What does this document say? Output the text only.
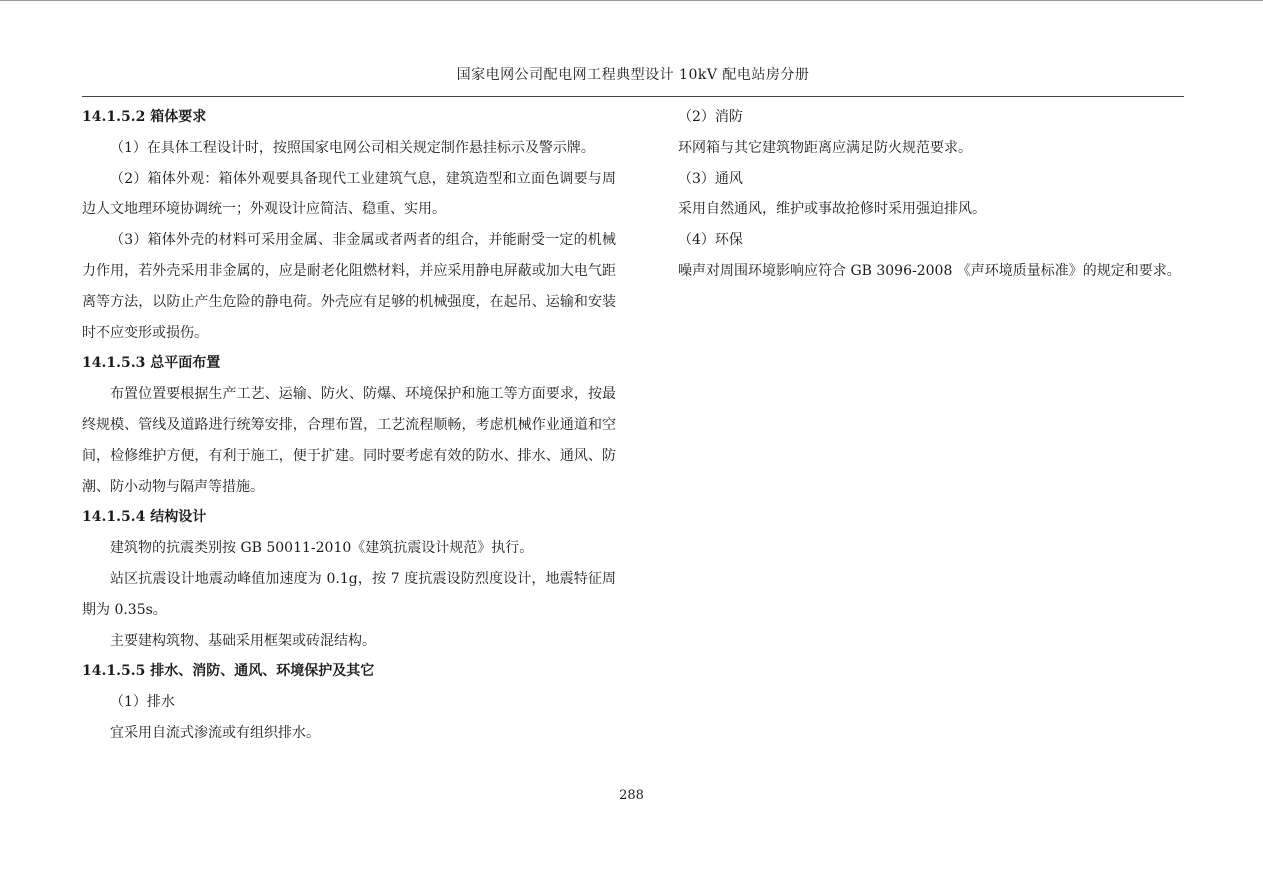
国家电网公司配电网工程典型设计 10kV 配电站房分册

14.1.5.2 箱体要求

（1）在具体工程设计时，按照国家电网公司相关规定制作悬挂标示及警示牌。

（2）箱体外观：箱体外观要具备现代工业建筑气息，建筑造型和立面色调要与周边人文地理环境协调统一；外观设计应简洁、稳重、实用。

（3）箱体外壳的材料可采用金属、非金属或者两者的组合，并能耐受一定的机械力作用，若外壳采用非金属的，应是耐老化阻燃材料，并应采用静电屏蔽或加大电气距离等方法，以防止产生危险的静电荷。外壳应有足够的机械强度，在起吊、运输和安装时不应变形或损伤。

14.1.5.3 总平面布置

布置位置要根据生产工艺、运输、防火、防爆、环境保护和施工等方面要求，按最终规模、管线及道路进行统筹安排，合理布置，工艺流程顺畅，考虑机械作业通道和空间，检修维护方便，有利于施工，便于扩建。同时要考虑有效的防水、排水、通风、防潮、防小动物与隔声等措施。

14.1.5.4 结构设计

建筑物的抗震类别按 GB 50011-2010《建筑抗震设计规范》执行。

站区抗震设计地震动峰值加速度为 0.1g，按 7 度抗震设防烈度设计，地震特征周期为 0.35s。

主要建构筑物、基础采用框架或砖混结构。

14.1.5.5 排水、消防、通风、环境保护及其它

（1）排水

宜采用自流式渗流或有组织排水。

（2）消防

环网箱与其它建筑物距离应满足防火规范要求。

（3）通风

采用自然通风，维护或事故抢修时采用强迫排风。

（4）环保

噪声对周围环境影响应符合 GB 3096-2008 《声环境质量标准》的规定和要求。

288
